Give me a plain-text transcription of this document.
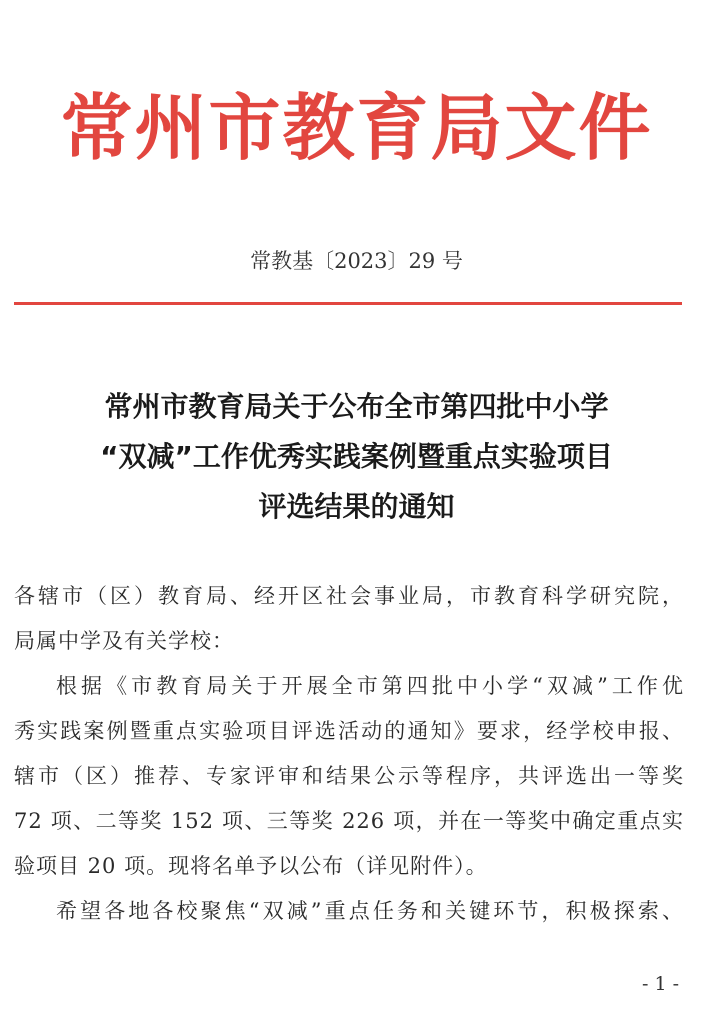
常州市教育局文件
常教基〔2023〕29 号
常州市教育局关于公布全市第四批中小学
“双减”工作优秀实践案例暨重点实验项目
评选结果的通知
各辖市（区）教育局、经开区社会事业局，市教育科学研究院，
局属中学及有关学校：
根据《市教育局关于开展全市第四批中小学“双减”工作优
秀实践案例暨重点实验项目评选活动的通知》要求，经学校申报、
辖市（区）推荐、专家评审和结果公示等程序，共评选出一等奖
72 项、二等奖 152 项、三等奖 226 项，并在一等奖中确定重点实
验项目 20 项。现将名单予以公布（详见附件）。
希望各地各校聚焦“双减”重点任务和关键环节，积极探索、
- 1 -
